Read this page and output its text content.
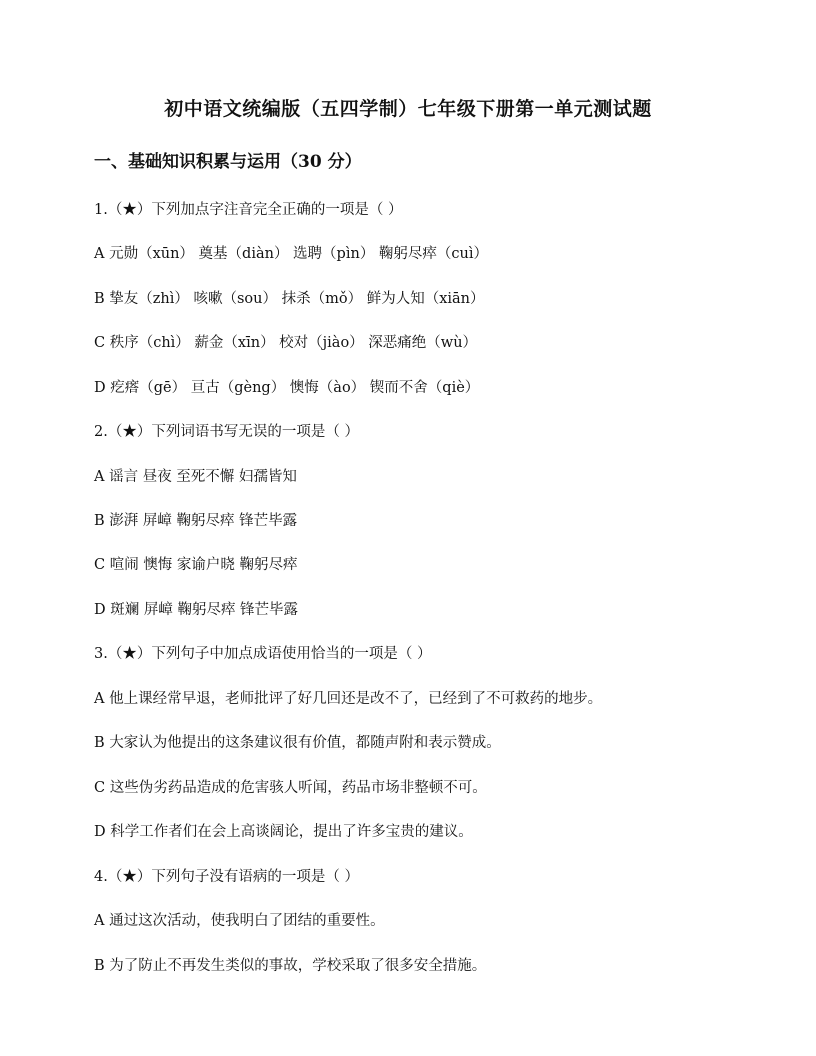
初中语文统编版（五四学制）七年级下册第一单元测试题
一、基础知识积累与运用（30 分）
1.（★）下列加点字注音完全正确的一项是（ ）
A 元勋（xūn） 奠基（diàn） 选聘（pìn） 鞠躬尽瘁（cuì）
B 挚友（zhì） 咳嗽（sou） 抹杀（mǒ） 鲜为人知（xiān）
C 秩序（chì） 薪金（xīn） 校对（jiào） 深恶痛绝（wù）
D 疙瘩（gē） 亘古（gèng） 懊悔（ào） 锲而不舍（qiè）
2.（★）下列词语书写无误的一项是（ ）
A 谣言 昼夜 至死不懈 妇孺皆知
B 澎湃 屏嶂 鞠躬尽瘁 锋芒毕露
C 喧闹 懊悔 家谕户晓 鞠躬尽瘁
D 斑斓 屏嶂 鞠躬尽瘁 锋芒毕露
3.（★）下列句子中加点成语使用恰当的一项是（ ）
A 他上课经常早退，老师批评了好几回还是改不了，已经到了不可救药的地步。
B 大家认为他提出的这条建议很有价值，都随声附和表示赞成。
C 这些伪劣药品造成的危害骇人听闻，药品市场非整顿不可。
D 科学工作者们在会上高谈阔论，提出了许多宝贵的建议。
4.（★）下列句子没有语病的一项是（ ）
A 通过这次活动，使我明白了团结的重要性。
B 为了防止不再发生类似的事故，学校采取了很多安全措施。
